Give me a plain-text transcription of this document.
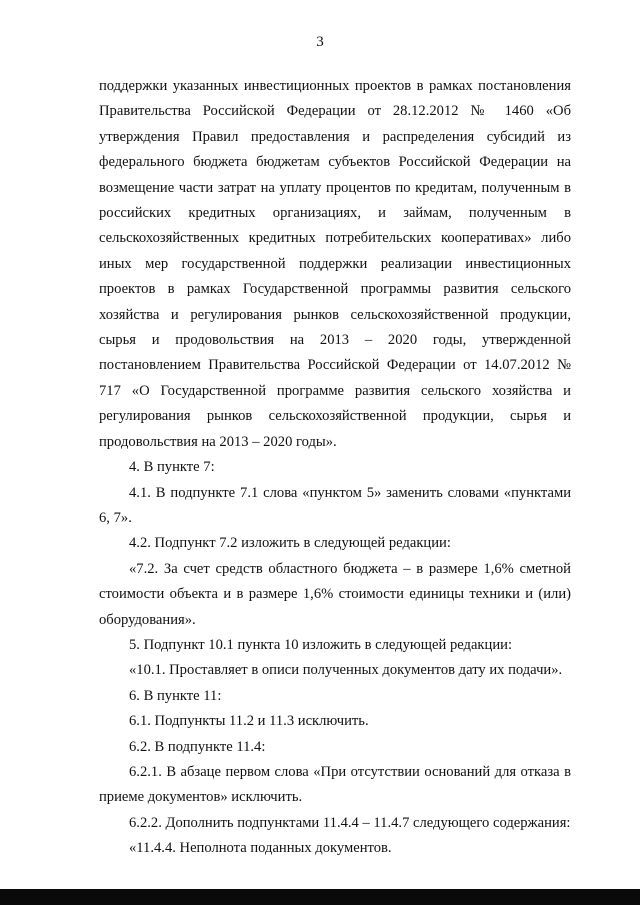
3

поддержки указанных инвестиционных проектов в рамках постановления Правительства Российской Федерации от 28.12.2012 № 1460 «Об утверждения Правил предоставления и распределения субсидий из федерального бюджета бюджетам субъектов Российской Федерации на возмещение части затрат на уплату процентов по кредитам, полученным в российских кредитных организациях, и займам, полученным в сельскохозяйственных кредитных потребительских кооперативах» либо иных мер государственной поддержки реализации инвестиционных проектов в рамках Государственной программы развития сельского хозяйства и регулирования рынков сельскохозяйственной продукции, сырья и продовольствия на 2013 – 2020 годы, утвержденной постановлением Правительства Российской Федерации от 14.07.2012 № 717 «О Государственной программе развития сельского хозяйства и регулирования рынков сельскохозяйственной продукции, сырья и продовольствия на 2013 – 2020 годы».

4. В пункте 7:

4.1. В подпункте 7.1 слова «пунктом 5» заменить словами «пунктами 6, 7».

4.2. Подпункт 7.2 изложить в следующей редакции:

«7.2. За счет средств областного бюджета – в размере 1,6% сметной стоимости объекта и в размере 1,6% стоимости единицы техники и (или) оборудования».

5. Подпункт 10.1 пункта 10 изложить в следующей редакции:

«10.1. Проставляет в описи полученных документов дату их подачи».

6. В пункте 11:

6.1. Подпункты 11.2 и 11.3 исключить.

6.2. В подпункте 11.4:

6.2.1. В абзаце первом слова «При отсутствии оснований для отказа в приеме документов» исключить.

6.2.2. Дополнить подпунктами 11.4.4 – 11.4.7 следующего содержания:

«11.4.4. Неполнота поданных документов.
